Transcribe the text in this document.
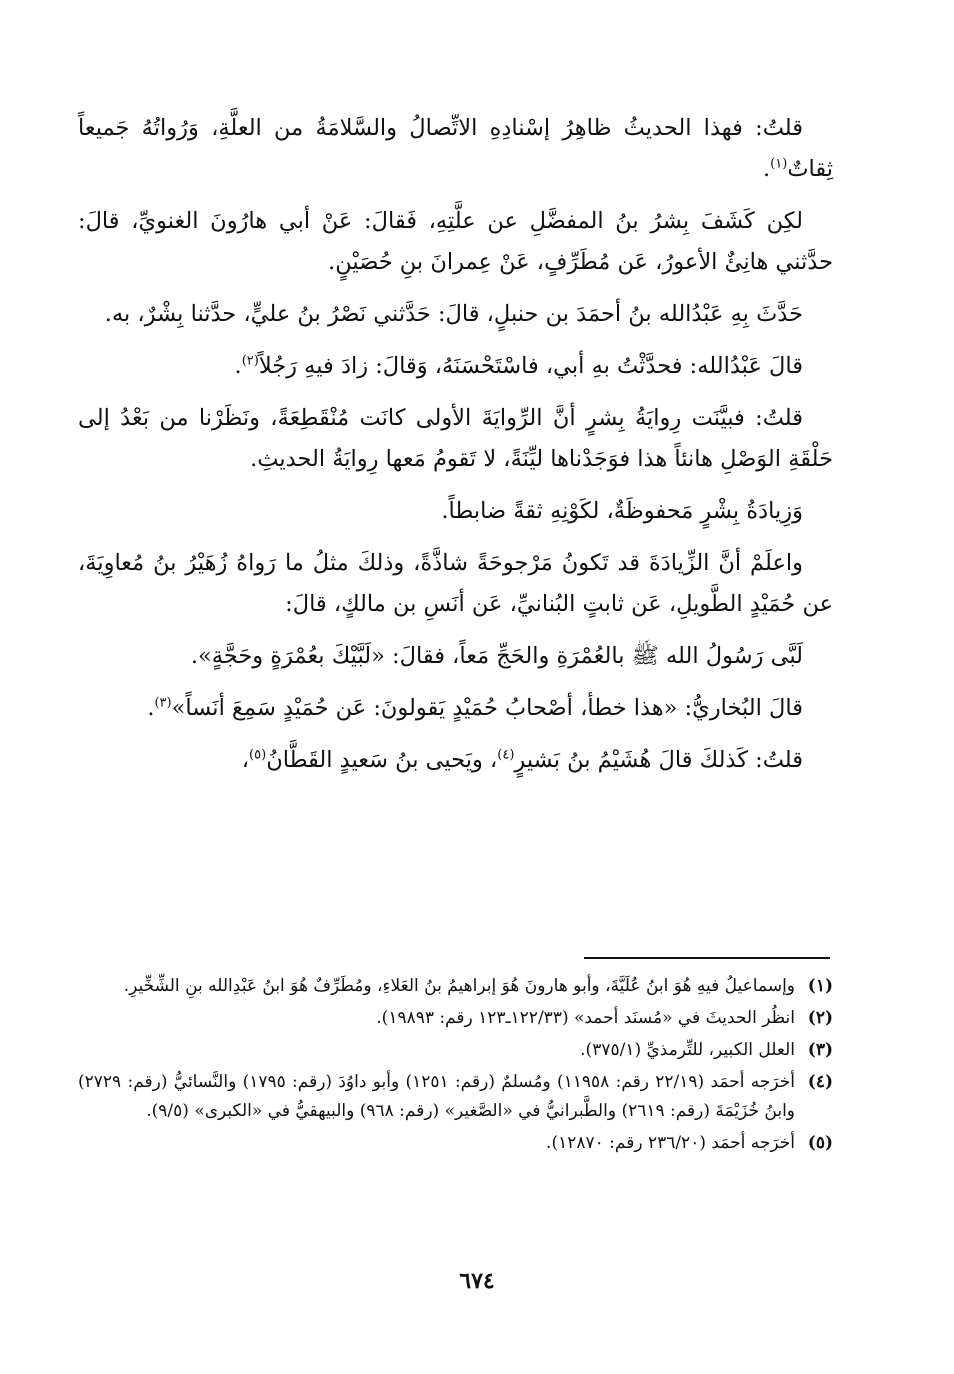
قلتُ: فهذا الحديثُ ظاهِرُ إسْنادِهِ الاتِّصالُ والسَّلامَةُ من العلَّةِ، وَرُواتُهُ جَميعاً ثِقاتٌ$^{(١)}$.

لكِن كَشَفَ بِشرُ بنُ المفضَّلِ عن علَّتِهِ، فَقالَ: عَنْ أبي هارُونَ الغنويِّ، قالَ: حدَّثني هانِئٌ الأعورُ، عَن مُطَرِّفٍ، عَنْ عِمرانَ بنِ حُصَيْنٍ.

حَدَّثَ بِهِ عَبْدُالله بنُ أحمَدَ بن حنبلٍ، قالَ: حَدَّثني نَصْرُ بنُ عليٍّ، حدَّثنا بِشْرٌ، به.

قالَ عَبْدُالله: فحدَّثْتُ بهِ أبي، فاسْتَحْسَنَهُ، وَقالَ: زادَ فيهِ رَجُلاً$^{(٢)}$.

قلتُ: فبيَّنَت رِوايَةُ بِشرٍ أنَّ الرِّوايَةَ الأولى كانَت مُنْقَطِعَةً، ونَظَرْنا من بَعْدُ إلى حَلْقَةِ الوَصْلِ هانئاً هذا فوَجَدْناها ليِّنَةً، لا تَقومُ مَعها رِوايَةُ الحديثِ.

وَزِيادَةُ بِشْرٍ مَحفوظَةٌ، لكَوْنِهِ ثقةً ضابطاً.

واعلَمْ أنَّ الزِّيادَةَ قد تَكونُ مَرْجوحَةً شاذَّةً، وذلكَ مثلُ ما رَواهُ زُهَيْرُ بنُ مُعاوِيَةَ، عن حُمَيْدٍ الطَّويلِ، عَن ثابتٍ البُنانيِّ، عَن أنَسِ بن مالكٍ، قالَ:

لَبَّى رَسُولُ الله ﷺ بالعُمْرَةِ والحَجِّ مَعاً، فقالَ: «لَبَّيْكَ بعُمْرَةٍ وحَجَّةٍ».

قالَ البُخاريُّ: «هذا خطأ، أصْحابُ حُمَيْدٍ يَقولونَ: عَن حُمَيْدٍ سَمِعَ أنَساً»$^{(٣)}$.

قلتُ: كَذلكَ قالَ هُشَيْمُ بنُ بَشيرٍ$^{(٤)}$، ويَحيى بنُ سَعيدٍ القَطَّانُ$^{(٥)}$،

(١)
وإسماعيلُ فيهِ هُوَ ابنُ عُلَيَّةَ، وأبو هارونَ هُوَ إبراهيمُ بنُ العَلاءِ، ومُطَرِّفٌ هُوَ ابنُ عَبْدِالله بنِ الشِّخِّيرِ.
(٢)
انظُر الحديثَ في «مُسنَد أحمد» (١٢٢/٣٣ـ١٢٣ رقم: ١٩٨٩٣).
(٣)
العلل الكبير، للتِّرمذيِّ (٣٧٥/١).
(٤)
أخرَجه أحمَد (٢٢/١٩ رقم: ١١٩٥٨) ومُسلمٌ (رقم: ١٢٥١) وأبو داوُدَ (رقم: ١٧٩٥) والنَّسائيُّ (رقم: ٢٧٢٩) وابنُ خُزَيْمَةَ (رقم: ٢٦١٩) والطَّبرانيُّ في «الصَّغير» (رقم: ٩٦٨) والبيهقيُّ في «الكبرى» (٩/٥).
(٥)
أخرَجه أحمَد (٢٣٦/٢٠ رقم: ١٢٨٧٠).
٦٧٤
